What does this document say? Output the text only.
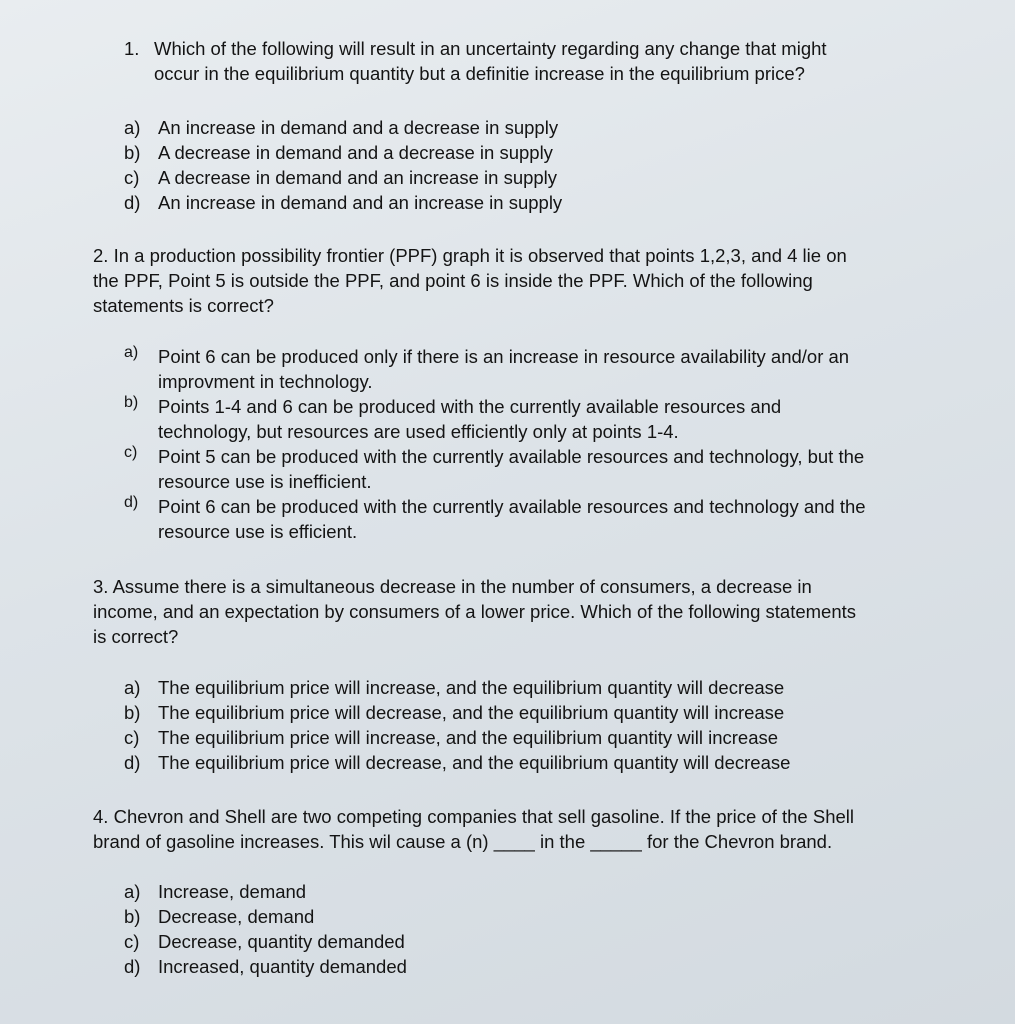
1. Which of the following will result in an uncertainty regarding any change that might
occur in the equilibrium quantity but a definitie increase in the equilibrium price?
a) An increase in demand and a decrease in supply
b) A decrease in demand and a decrease in supply
c) A decrease in demand and an increase in supply
d) An increase in demand and an increase in supply
2. In a production possibility frontier (PPF) graph it is observed that points 1,2,3, and 4 lie on
the PPF, Point 5 is outside the PPF, and point 6 is inside the PPF. Which of the following
statements is correct?
a) Point 6 can be produced only if there is an increase in resource availability and/or an
improvment in technology.
b) Points 1-4 and 6 can be produced with the currently available resources and
technology, but resources are used efficiently only at points 1-4.
c) Point 5 can be produced with the currently available resources and technology, but the
resource use is inefficient.
d) Point 6 can be produced with the currently available resources and technology and the
resource use is efficient.
3. Assume there is a simultaneous decrease in the number of consumers, a decrease in
income, and an expectation by consumers of a lower price. Which of the following statements
is correct?
a) The equilibrium price will increase, and the equilibrium quantity will decrease
b) The equilibrium price will decrease, and the equilibrium quantity will increase
c) The equilibrium price will increase, and the equilibrium quantity will increase
d) The equilibrium price will decrease, and the equilibrium quantity will decrease
4. Chevron and Shell are two competing companies that sell gasoline. If the price of the Shell
brand of gasoline increases. This wil cause a (n) ____ in the _____ for the Chevron brand.
a) Increase, demand
b) Decrease, demand
c) Decrease, quantity demanded
d) Increased, quantity demanded
